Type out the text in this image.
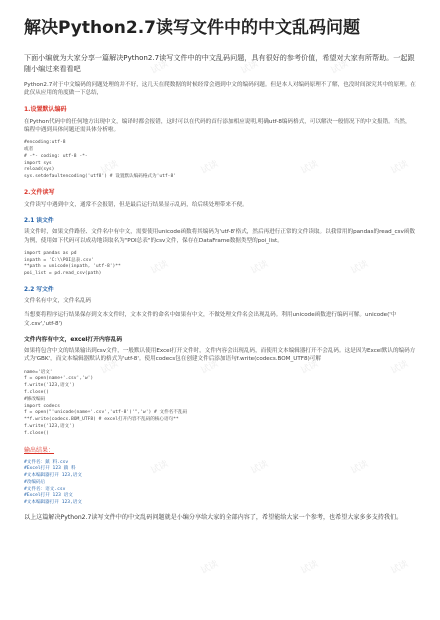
试读	试读	试读
试读	试读	试读	试读
试读	试读	试读
试读	试读	试读	试读
试读	试读	试读
试读	试读	试读
解决Python2.7读写文件中的中文乱码问题
下面小编就为大家分享一篇解决Python2.7读写文件中的中文乱码问题，具有很好的参考价值，希望对大家有所帮助。一起跟随小编过来看看吧
Python2.7对于中文编码的问题处理的并不好，这几天在爬数据的时候经常会遇到中文的编码问题。但是本人对编码原理不了解，也没时间深究其中的原理。在此仅从应用的角度做一下总结，
1.设置默认编码
在Python代码中的任何地方出现中文，编译时都会报错，这时可以在代码的首行添加相应说明,明确utf-8编码格式，可以解决一般情况下的中文报错。当然，编程中遇到具体问题还需具体分析啦。
#encoding:utf-8
或者
# -*- coding: utf-8 -*-
import sys
reload(sys)
sys.setdefaultencoding('utf8') # 设置默认编码格式为'utf-8'
2.文件读写
文件读写中遇到中文，通常不会报错，但是最后运行结果显示乱码，给后续处理带来不便。
2.1 读文件
读文件时，如果文件路径、文件名中有中文，需要使用unicode函数将其编码为'utf-8'格式，然后再进行正常的文件读取。以我常用的pandas的read_csv函数为例，使用如下代码可以成功地读取名为"POI总表"的csv文件，保存在DataFrame数据类型的poi_list。
import pandas as pd
inpath = 'C:\\POI总表.csv'
**path = unicode(inpath, 'utf-8')**
poi_list = pd.read_csv(path)
2.2 写文件
文件名有中文，文件名乱码
当想要将程序运行结果保存到文本文件时，文本文件的命名中如果有中文，不做处理文件名会出现乱码。利用unicode函数进行编码可解。unicode('中文.csv','utf-8')
文件内容有中文，excel打开内容乱码
如果将包含中文的结果输出到csv文件，一般默认使用Excel打开文件时，文件内容会出现乱码，而使用文本编辑器打开不会乱码。这是因为Excel默认的编码方式为'GBK'，而文本编辑器默认的格式为'utf-8'。使用codecs包在创建文件后添加语句f.write(codecs.BOM_UTF8)可解
name='语文'
f = open(name+'.csv','w')
f.write('123,语文')
f.close()
#修改编码
import codecs
f = open("'unicode(name+'.csv','utf-8')'",'w') # 文件名不乱码
**f.write(codecs.BOM_UTF8) # excel打开内容不乱码的核心语句**
f.write('123,语文')
f.close()
输出结果：
#文件名：鎮 料.csv
#Excel打开 123 鎮 料
#文本编辑器打开 123,语文
#改编码后
#文件名：语文.csv
#Excel打开 123 语文
#文本编辑器打开 123,语文
以上这篇解决Python2.7读写文件中的中文乱码问题就是小编分享给大家的全部内容了，希望能给大家一个参考，也希望大家多多支持我们。
